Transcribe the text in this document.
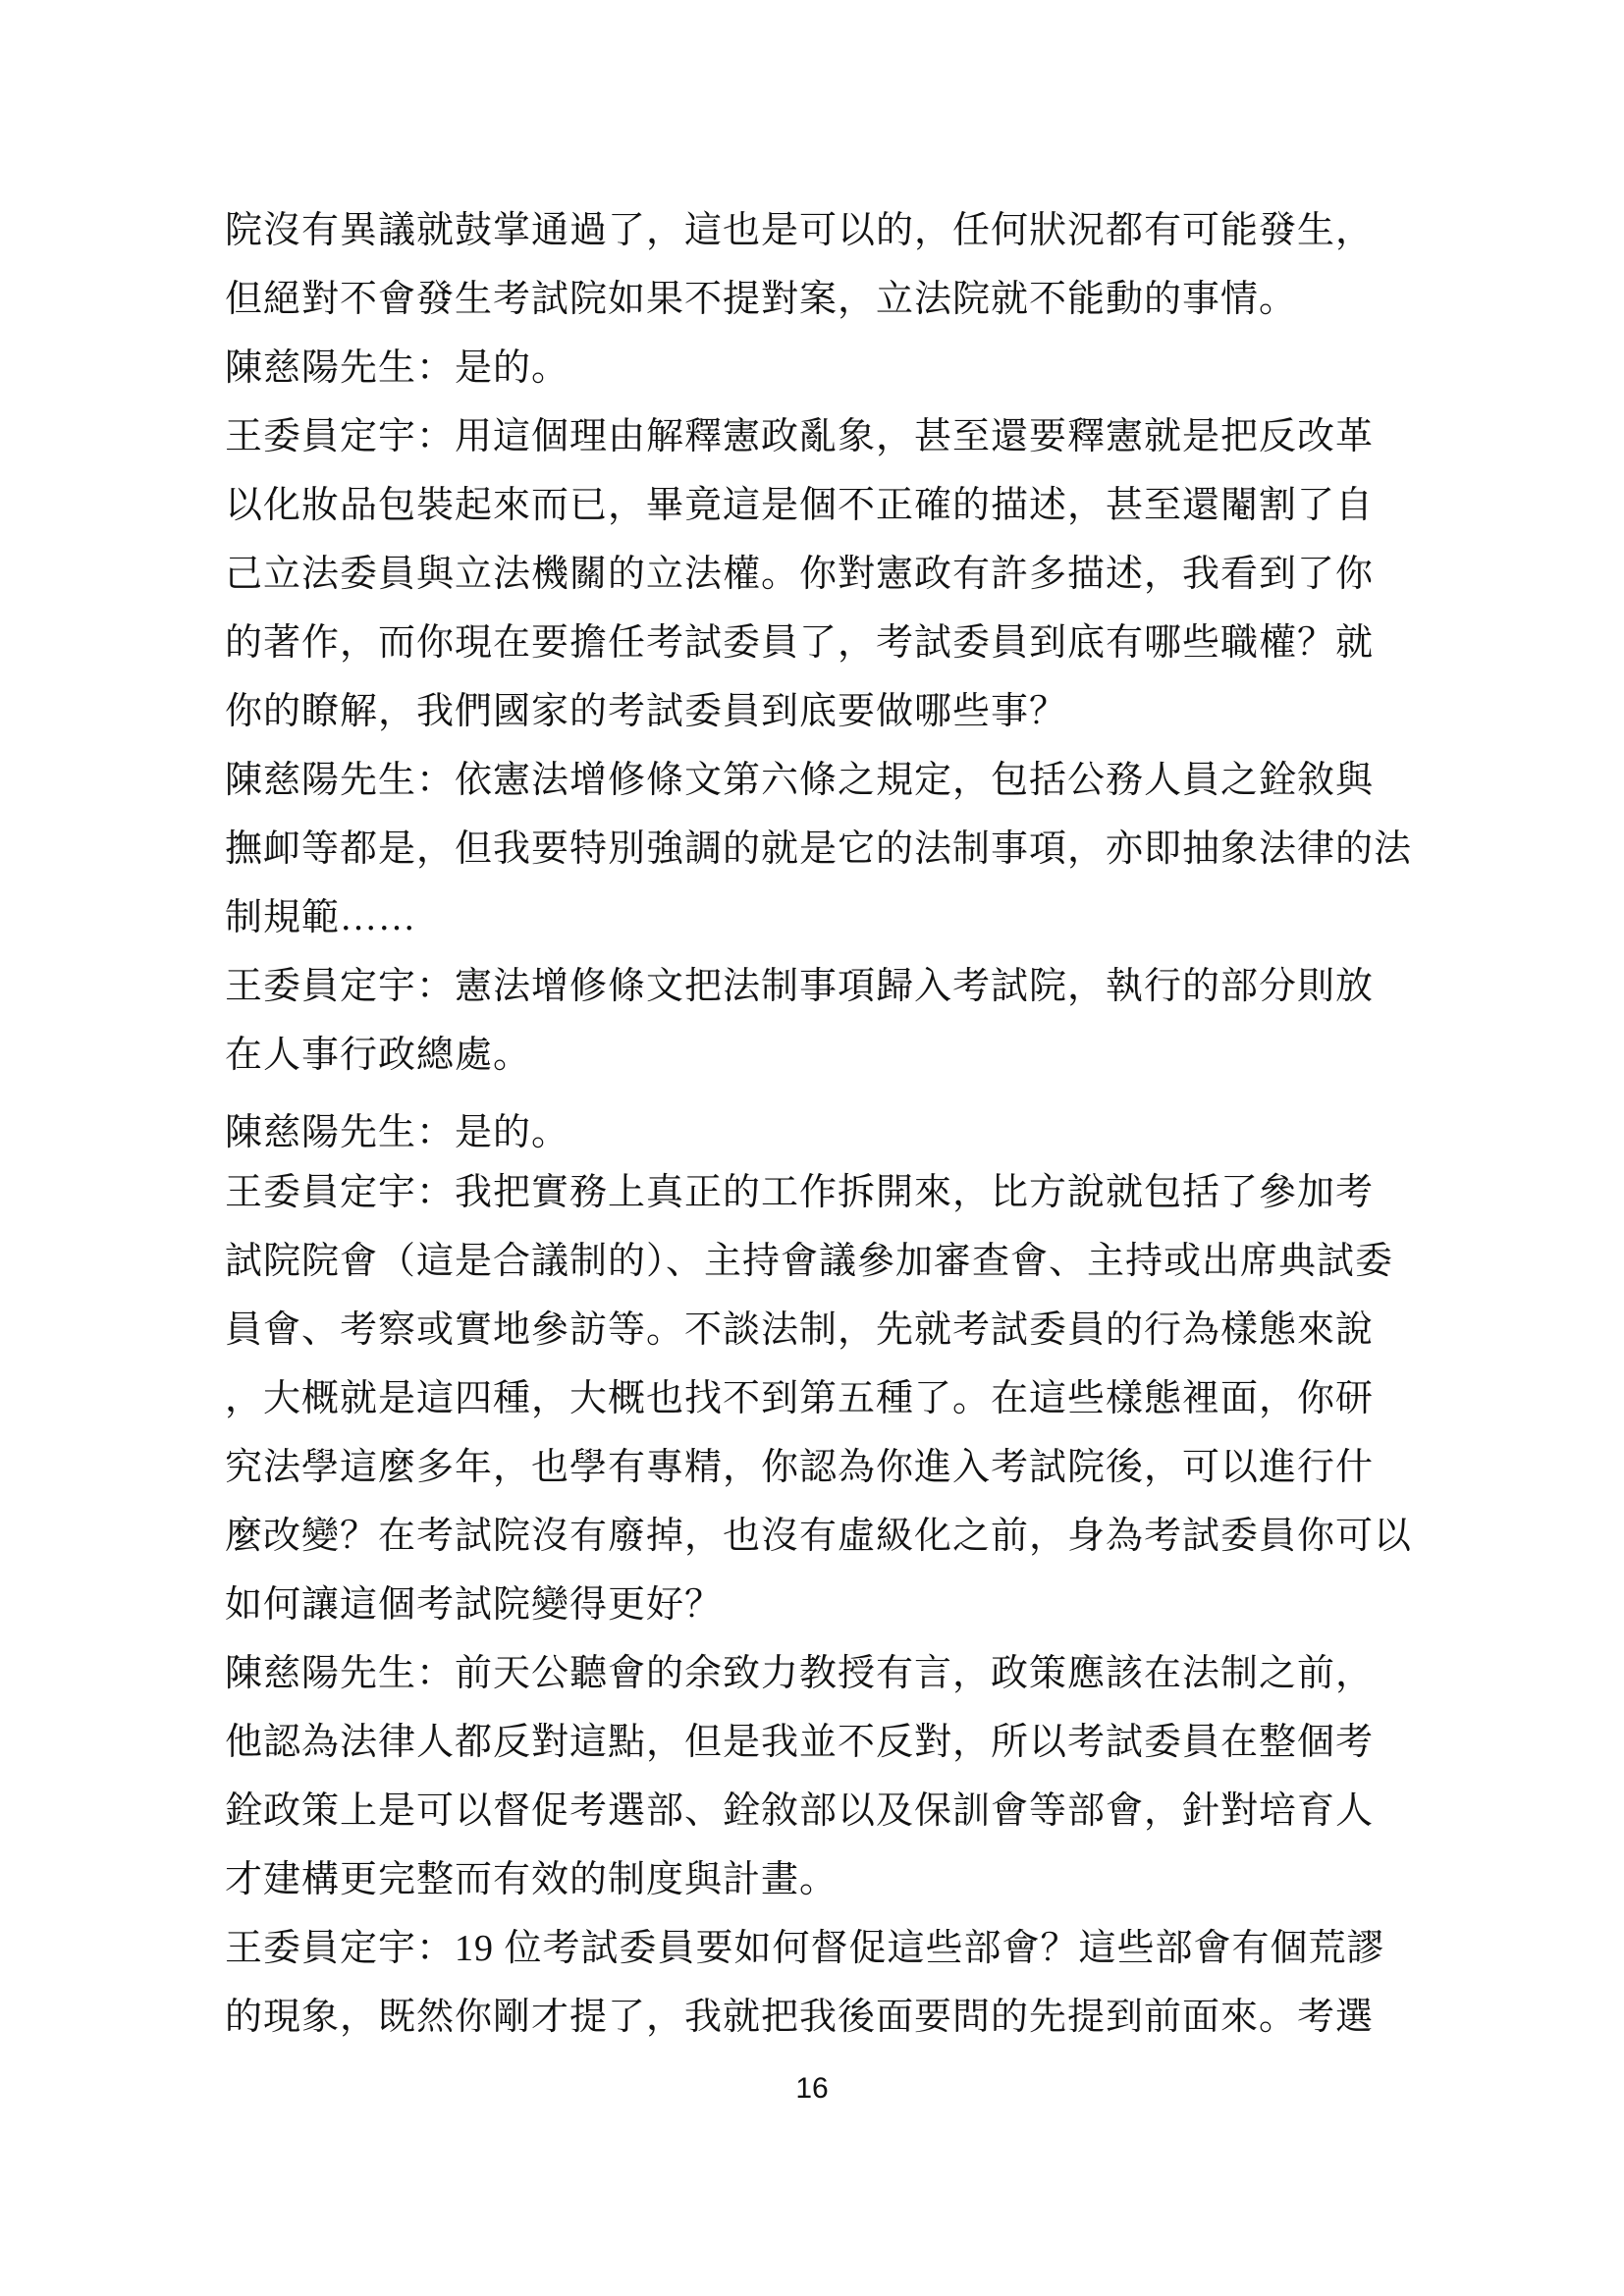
院沒有異議就鼓掌通過了，這也是可以的，任何狀況都有可能發生，
但絕對不會發生考試院如果不提對案，立法院就不能動的事情。
陳慈陽先生：是的。
王委員定宇：用這個理由解釋憲政亂象，甚至還要釋憲就是把反改革
以化妝品包裝起來而已，畢竟這是個不正確的描述，甚至還閹割了自
己立法委員與立法機關的立法權。你對憲政有許多描述，我看到了你
的著作，而你現在要擔任考試委員了，考試委員到底有哪些職權？就
你的瞭解，我們國家的考試委員到底要做哪些事？
陳慈陽先生：依憲法增修條文第六條之規定，包括公務人員之銓敘與
撫卹等都是，但我要特別強調的就是它的法制事項，亦即抽象法律的法
制規範……
王委員定宇：憲法增修條文把法制事項歸入考試院，執行的部分則放
在人事行政總處。
陳慈陽先生：是的。
王委員定宇：我把實務上真正的工作拆開來，比方說就包括了參加考
試院院會（這是合議制的）、主持會議參加審查會、主持或出席典試委
員會、考察或實地參訪等。不談法制，先就考試委員的行為樣態來說
，大概就是這四種，大概也找不到第五種了。在這些樣態裡面，你研
究法學這麼多年，也學有專精，你認為你進入考試院後，可以進行什
麼改變？在考試院沒有廢掉，也沒有虛級化之前，身為考試委員你可以
如何讓這個考試院變得更好？
陳慈陽先生：前天公聽會的余致力教授有言，政策應該在法制之前，
他認為法律人都反對這點，但是我並不反對，所以考試委員在整個考
銓政策上是可以督促考選部、銓敘部以及保訓會等部會，針對培育人
才建構更完整而有效的制度與計畫。
王委員定宇：19 位考試委員要如何督促這些部會？這些部會有個荒謬
的現象，既然你剛才提了，我就把我後面要問的先提到前面來。考選
16
